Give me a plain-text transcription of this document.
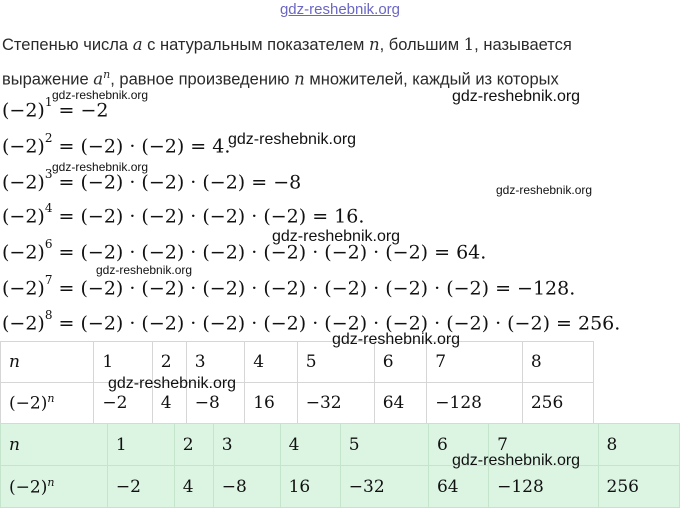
gdz-reshebnik.org
Степенью числа a с натуральным показателем n, большим 1, называется
выражение $a^n$, равное произведению n множителей, каждый из которых
$(-2)^1 = -2$
$(-2)^2 = (-2) \cdot (-2) = 4$.
$(-2)^3 = (-2) \cdot (-2) \cdot (-2) = -8$
$(-2)^4 = (-2) \cdot (-2) \cdot (-2) \cdot (-2) = 16$.
$(-2)^6 = (-2) \cdot (-2) \cdot (-2) \cdot (-2) \cdot (-2) \cdot (-2) = 64$.
$(-2)^7 = (-2) \cdot (-2) \cdot (-2) \cdot (-2) \cdot (-2) \cdot (-2) \cdot (-2) = -128$.
$(-2)^8 = (-2) \cdot (-2) \cdot (-2) \cdot (-2) \cdot (-2) \cdot (-2) \cdot (-2) \cdot (-2) = 256$.
gdz-reshebnik.org
gdz-reshebnik.org
gdz-reshebnik.org
gdz-reshebnik.org
gdz-reshebnik.org
gdz-reshebnik.org
gdz-reshebnik.org
n	1	2	3	4	5	6	7	8
$(-2)^n$	−2	4	−8	16	−32	64	−128	256
gdz-reshebnik.org
gdz-reshebnik.org
n	1	2	3	4	5	6	7	8
$(-2)^n$	−2	4	−8	16	−32	64	−128	256
gdz-reshebnik.org
